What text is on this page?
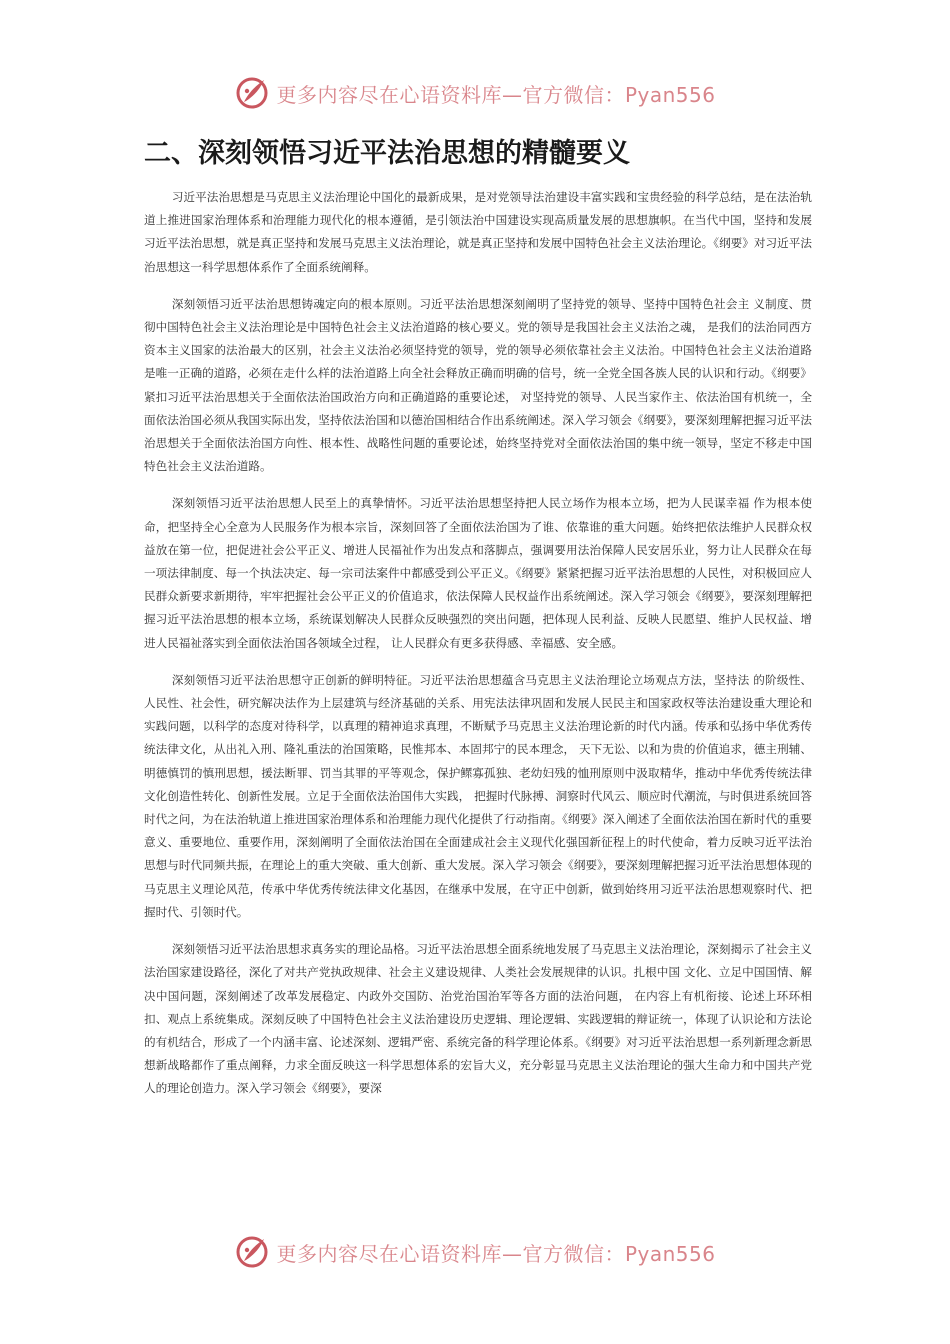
更多内容尽在心语资料库—官方微信：Pyan556
二、深刻领悟习近平法治思想的精髓要义

习近平法治思想是马克思主义法治理论中国化的最新成果，是对党领导法治建设丰富实践和宝贵经验的科学总结，是在法治轨道上推进国家治理体系和治理能力现代化的根本遵循，是引领法治中国建设实现高质量发展的思想旗帜。在当代中国，坚持和发展习近平法治思想，就是真正坚持和发展马克思主义法治理论，就是真正坚持和发展中国特色社会主义法治理论。《纲要》对习近平法治思想这一科学思想体系作了全面系统阐释。

深刻领悟习近平法治思想铸魂定向的根本原则。习近平法治思想深刻阐明了坚持党的领导、坚持中国特色社会主 义制度、贯彻中国特色社会主义法治理论是中国特色社会主义法治道路的核心要义。党的领导是我国社会主义法治之魂， 是我们的法治同西方资本主义国家的法治最大的区别，社会主义法治必须坚持党的领导，党的领导必须依靠社会主义法治。中国特色社会主义法治道路是唯一正确的道路，必须在走什么样的法治道路上向全社会释放正确而明确的信号，统一全党全国各族人民的认识和行动。《纲要》紧扣习近平法治思想关于全面依法治国政治方向和正确道路的重要论述， 对坚持党的领导、人民当家作主、依法治国有机统一，全面依法治国必须从我国实际出发，坚持依法治国和以德治国相结合作出系统阐述。深入学习领会《纲要》，要深刻理解把握习近平法治思想关于全面依法治国方向性、根本性、战略性问题的重要论述，始终坚持党对全面依法治国的集中统一领导，坚定不移走中国特色社会主义法治道路。

深刻领悟习近平法治思想人民至上的真挚情怀。习近平法治思想坚持把人民立场作为根本立场，把为人民谋幸福 作为根本使命，把坚持全心全意为人民服务作为根本宗旨，深刻回答了全面依法治国为了谁、依靠谁的重大问题。始终把依法维护人民群众权益放在第一位，把促进社会公平正义、增进人民福祉作为出发点和落脚点，强调要用法治保障人民安居乐业，努力让人民群众在每一项法律制度、每一个执法决定、每一宗司法案件中都感受到公平正义。《纲要》紧紧把握习近平法治思想的人民性，对积极回应人民群众新要求新期待，牢牢把握社会公平正义的价值追求，依法保障人民权益作出系统阐述。深入学习领会《纲要》，要深刻理解把握习近平法治思想的根本立场，系统谋划解决人民群众反映强烈的突出问题，把体现人民利益、反映人民愿望、维护人民权益、增进人民福祉落实到全面依法治国各领域全过程， 让人民群众有更多获得感、幸福感、安全感。

深刻领悟习近平法治思想守正创新的鲜明特征。习近平法治思想蕴含马克思主义法治理论立场观点方法，坚持法 的阶级性、人民性、社会性，研究解决法作为上层建筑与经济基础的关系、用宪法法律巩固和发展人民民主和国家政权等法治建设重大理论和实践问题，以科学的态度对待科学，以真理的精神追求真理，不断赋予马克思主义法治理论新的时代内涵。传承和弘扬中华优秀传统法律文化，从出礼入刑、隆礼重法的治国策略，民惟邦本、本固邦宁的民本理念， 天下无讼、以和为贵的价值追求，德主刑辅、明德慎罚的慎刑思想，援法断罪、罚当其罪的平等观念，保护鳏寡孤独、老幼妇残的恤刑原则中汲取精华，推动中华优秀传统法律文化创造性转化、创新性发展。立足于全面依法治国伟大实践， 把握时代脉搏、洞察时代风云、顺应时代潮流，与时俱进系统回答时代之问，为在法治轨道上推进国家治理体系和治理能力现代化提供了行动指南。《纲要》深入阐述了全面依法治国在新时代的重要意义、重要地位、重要作用，深刻阐明了全面依法治国在全面建成社会主义现代化强国新征程上的时代使命，着力反映习近平法治思想与时代同频共振，在理论上的重大突破、重大创新、重大发展。深入学习领会《纲要》，要深刻理解把握习近平法治思想体现的马克思主义理论风范，传承中华优秀传统法律文化基因，在继承中发展，在守正中创新，做到始终用习近平法治思想观察时代、把握时代、引领时代。

深刻领悟习近平法治思想求真务实的理论品格。习近平法治思想全面系统地发展了马克思主义法治理论，深刻揭示了社会主义法治国家建设路径，深化了对共产党执政规律、社会主义建设规律、人类社会发展规律的认识。扎根中国 文化、立足中国国情、解决中国问题，深刻阐述了改革发展稳定、内政外交国防、治党治国治军等各方面的法治问题， 在内容上有机衔接、论述上环环相扣、观点上系统集成。深刻反映了中国特色社会主义法治建设历史逻辑、理论逻辑、实践逻辑的辩证统一，体现了认识论和方法论的有机结合，形成了一个内涵丰富、论述深刻、逻辑严密、系统完备的科学理论体系。《纲要》对习近平法治思想一系列新理念新思想新战略都作了重点阐释，力求全面反映这一科学思想体系的宏旨大义，充分彰显马克思主义法治理论的强大生命力和中国共产党人的理论创造力。深入学习领会《纲要》，要深

更多内容尽在心语资料库—官方微信：Pyan556
